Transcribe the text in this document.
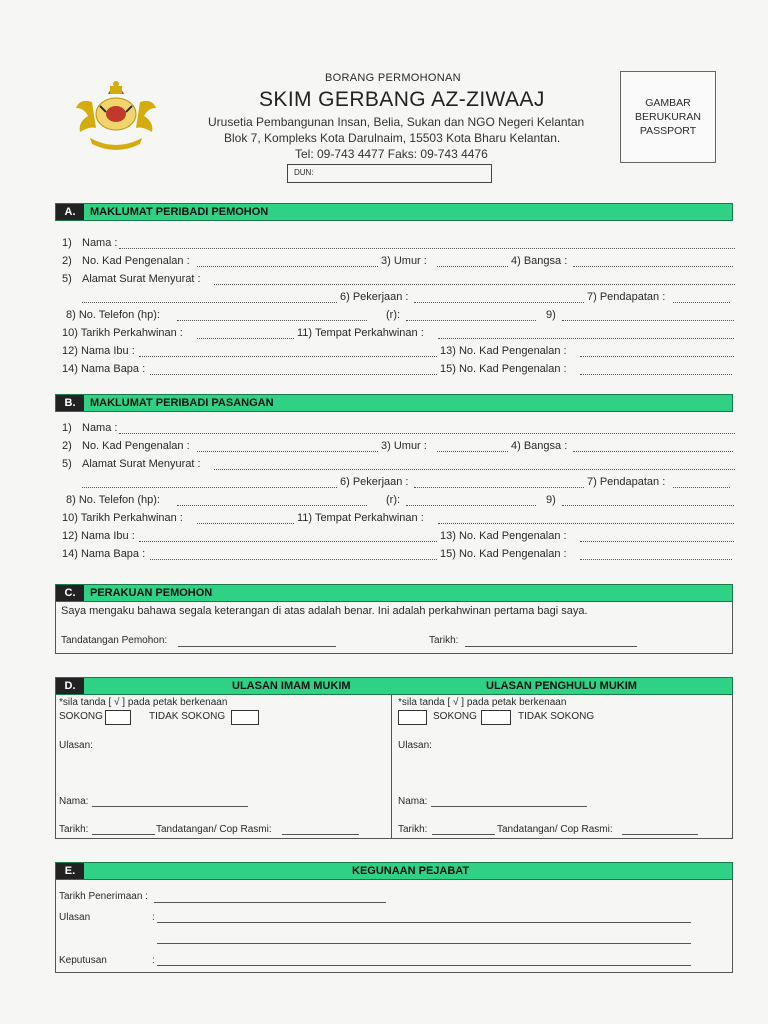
BORANG PERMOHONAN
SKIM GERBANG AZ-ZIWAAJ
Urusetia Pembangunan Insan, Belia, Sukan dan NGO Negeri Kelantan
Blok 7, Kompleks Kota Darulnaim, 15503 Kota Bharu Kelantan.
Tel: 09-743 4477 Faks: 09-743 4476
DUN:
GAMBAR
BERUKURAN
PASSPORT
A.	MAKLUMAT PERIBADI PEMOHON
1) Nama :
2) No. Kad Pengenalan :	3) Umur :	4) Bangsa :
5) Alamat Surat Menyurat :
6) Pekerjaan :	7) Pendapatan :
8) No. Telefon (hp):	(r):	9)
10) Tarikh Perkahwinan :	11) Tempat Perkahwinan :
12) Nama Ibu :	13) No. Kad Pengenalan :
14) Nama Bapa :	15) No. Kad Pengenalan :
B.	MAKLUMAT PERIBADI PASANGAN
1) Nama :
2) No. Kad Pengenalan :	3) Umur :	4) Bangsa :
5) Alamat Surat Menyurat :
6) Pekerjaan :	7) Pendapatan :
8) No. Telefon (hp):	(r):	9)
10) Tarikh Perkahwinan :	11) Tempat Perkahwinan :
12) Nama Ibu :	13) No. Kad Pengenalan :
14) Nama Bapa :	15) No. Kad Pengenalan :
C.	PERAKUAN PEMOHON
Saya mengaku bahawa segala keterangan di atas adalah benar. Ini adalah perkahwinan pertama bagi saya.
Tandatangan Pemohon:	Tarikh:
D.	ULASAN IMAM MUKIM	ULASAN PENGHULU MUKIM
*sila tanda [ √ ] pada petak berkenaan
SOKONG	TIDAK SOKONG
Ulasan:
Nama:
Tarikh:	Tandatangan/ Cop Rasmi:
*sila tanda [ √ ] pada petak berkenaan
SOKONG	TIDAK SOKONG
Ulasan:
Nama:
Tarikh:	Tandatangan/ Cop Rasmi:
E.	KEGUNAAN PEJABAT
Tarikh Penerimaan :
Ulasan	:
Keputusan	:
